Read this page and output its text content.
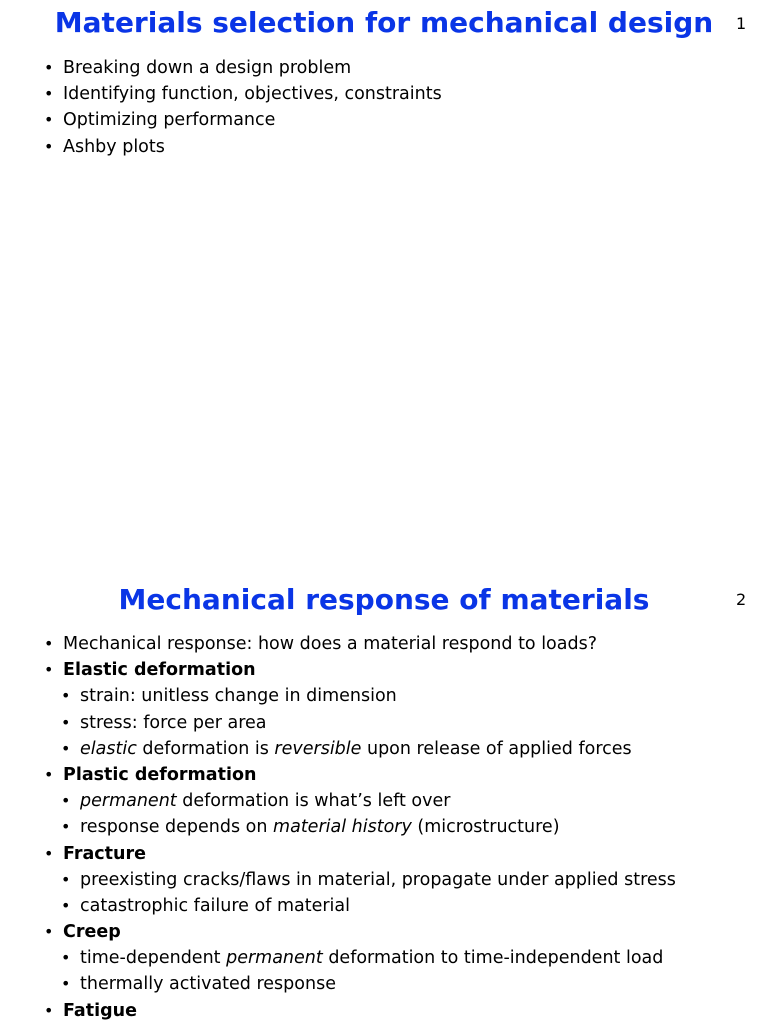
Materials selection for mechanical design	1
• Breaking down a design problem
• Identifying function, objectives, constraints
• Optimizing performance
• Ashby plots
Mechanical response of materials	2
• Mechanical response: how does a material respond to loads?
• Elastic deformation
• strain: unitless change in dimension
• stress: force per area
• elastic deformation is reversible upon release of applied forces
• Plastic deformation
• permanent deformation is what’s left over
• response depends on material history (microstructure)
• Fracture
• preexisting cracks/flaws in material, propagate under applied stress
• catastrophic failure of material
• Creep
• time-dependent permanent deformation to time-independent load
• thermally activated response
• Fatigue
